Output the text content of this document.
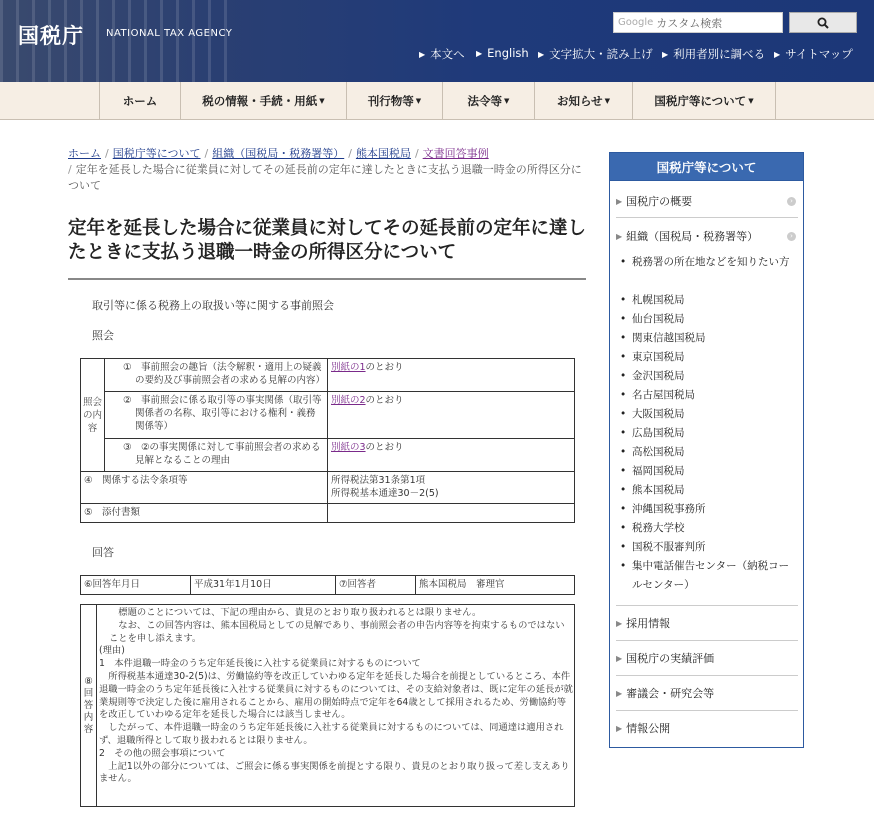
国税庁 NATIONAL TAX AGENCY
Google カスタム検索
▶ 本文へ ▶ English ▶ 文字拡大・読み上げ ▶ 利用者別に調べる ▶ サイトマップ
ホーム	税の情報・手続・用紙 ▼	刊行物等 ▼	法令等 ▼	お知らせ ▼	国税庁等について ▼
ホーム / 国税庁等について / 組織（国税局・税務署等） / 熊本国税局 / 文書回答事例
/ 定年を延長した場合に従業員に対してその延長前の定年に達したときに支払う退職一時金の所得区分について
定年を延長した場合に従業員に対してその延長前の定年に達したときに支払う退職一時金の所得区分について
取引等に係る税務上の取扱い等に関する事前照会
照会
照会の内容	①　事前照会の趣旨（法令解釈・適用上の疑義の要約及び事前照会者の求める見解の内容）	別紙の1のとおり
	②　事前照会に係る取引等の事実関係（取引等関係者の名称、取引等における権利・義務関係等）	別紙の2のとおり
	③　②の事実関係に対して事前照会者の求める見解となることの理由	別紙の3のとおり
④　関係する法令条項等		所得税法第31条第1項
所得税基本通達30－2(5)

⑤　添付書類		
回答
⑥回答年月日	平成31年1月10日	⑦回答者	熊本国税局　審理官
⑧
回
答
内
容
　標題のことについては、下記の理由から、貴見のとおり取り扱われるとは限りません。
　なお、この回答内容は、熊本国税局としての見解であり、事前照会者の申告内容等を拘束するものではないことを申し添えます。
(理由)
1　本件退職一時金のうち定年延長後に入社する従業員に対するものについて
　所得税基本通達30-2(5)は、労働協約等を改正していわゆる定年を延長した場合を前提としているところ、本件退職一時金のうち定年延長後に入社する従業員に対するものについては、その支給対象者は、既に定年の延長が就業規則等で決定した後に雇用されることから、雇用の開始時点で定年を64歳として採用されるため、労働協約等を改正していわゆる定年を延長した場合には該当しません。
　したがって、本件退職一時金のうち定年延長後に入社する従業員に対するものについては、同通達は適用されず、退職所得として取り扱われるとは限りません。
2　その他の照会事項について
　上記1以外の部分については、ご照会に係る事実関係を前提とする限り、貴見のとおり取り扱って差し支えありません。
国税庁等について
▶ 国税庁の概要	›
▶ 組織（国税局・税務署等）	›
• 税務署の所在地などを知りたい方
• 札幌国税局
• 仙台国税局
• 関東信越国税局
• 東京国税局
• 金沢国税局
• 名古屋国税局
• 大阪国税局
• 広島国税局
• 高松国税局
• 福岡国税局
• 熊本国税局
• 沖縄国税事務所
• 税務大学校
• 国税不服審判所
• 集中電話催告センター（納税コールセンター）
▶ 採用情報
▶ 国税庁の実績評価
▶ 審議会・研究会等
▶ 情報公開
